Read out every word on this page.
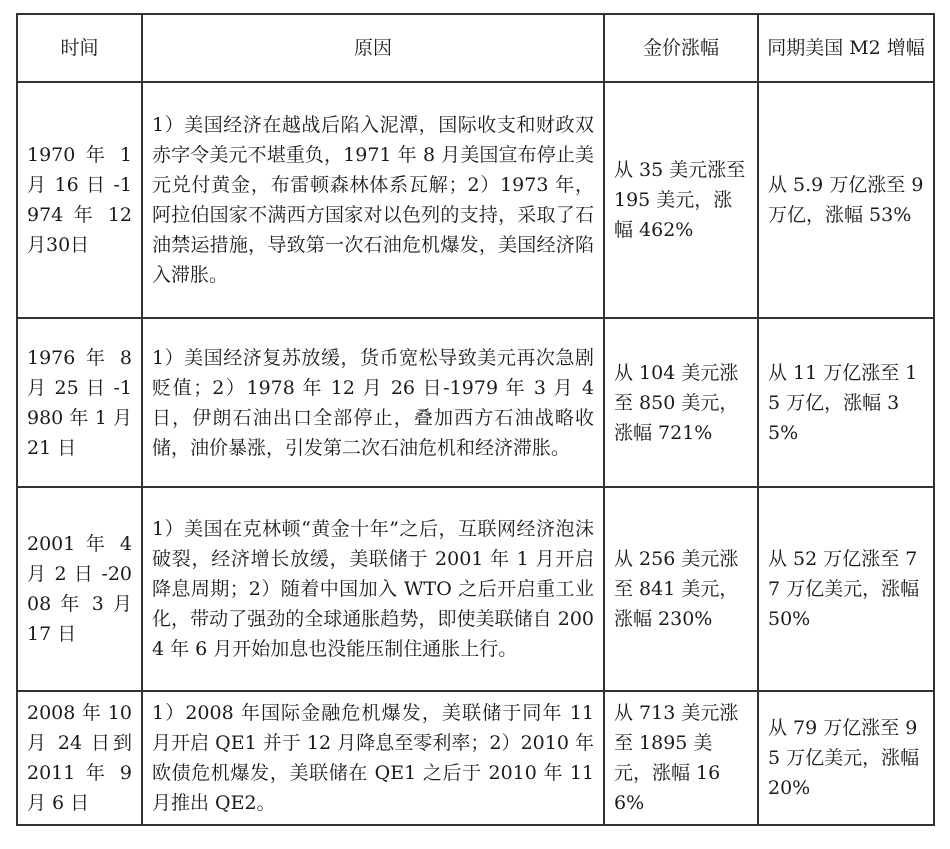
时间	原因	金价涨幅	同期美国 M2 增幅
1970 年 1 月 16 日 -1974 年 12月30日	1）美国经济在越战后陷入泥潭，国际收支和财政双赤字令美元不堪重负，1971 年 8 月美国宣布停止美元兑付黄金，布雷顿森林体系瓦解；2）1973 年，阿拉伯国家不满西方国家对以色列的支持，采取了石油禁运措施，导致第一次石油危机爆发，美国经济陷入滞胀。	从 35 美元涨至 195 美元，涨幅 462%	从 5.9 万亿涨至 9 万亿，涨幅 53%
1976 年 8 月 25 日 -1980 年 1 月 21 日	1）美国经济复苏放缓，货币宽松导致美元再次急剧贬值；2）1978 年 12 月 26 日-1979 年 3 月 4 日，伊朗石油出口全部停止，叠加西方石油战略收储，油价暴涨，引发第二次石油危机和经济滞胀。	从 104 美元涨至 850 美元，涨幅 721%	从 11 万亿涨至 15 万亿，涨幅 35%
2001 年 4 月 2 日 -2008 年 3 月 17 日	1）美国在克林顿“黄金十年”之后，互联网经济泡沫破裂，经济增长放缓，美联储于 2001 年 1 月开启降息周期；2）随着中国加入 WTO 之后开启重工业化，带动了强劲的全球通胀趋势，即使美联储自 2004 年 6 月开始加息也没能压制住通胀上行。	从 256 美元涨至 841 美元，涨幅 230%	从 52 万亿涨至 77 万亿美元，涨幅 50%
2008 年 10 月 24 日到 2011 年 9 月 6 日	1）2008 年国际金融危机爆发，美联储于同年 11 月开启 QE1 并于 12 月降息至零利率；2）2010 年欧债危机爆发，美联储在 QE1 之后于 2010 年 11 月推出 QE2。	从 713 美元涨至 1895 美元，涨幅 166%	从 79 万亿涨至 95 万亿美元，涨幅 20%
